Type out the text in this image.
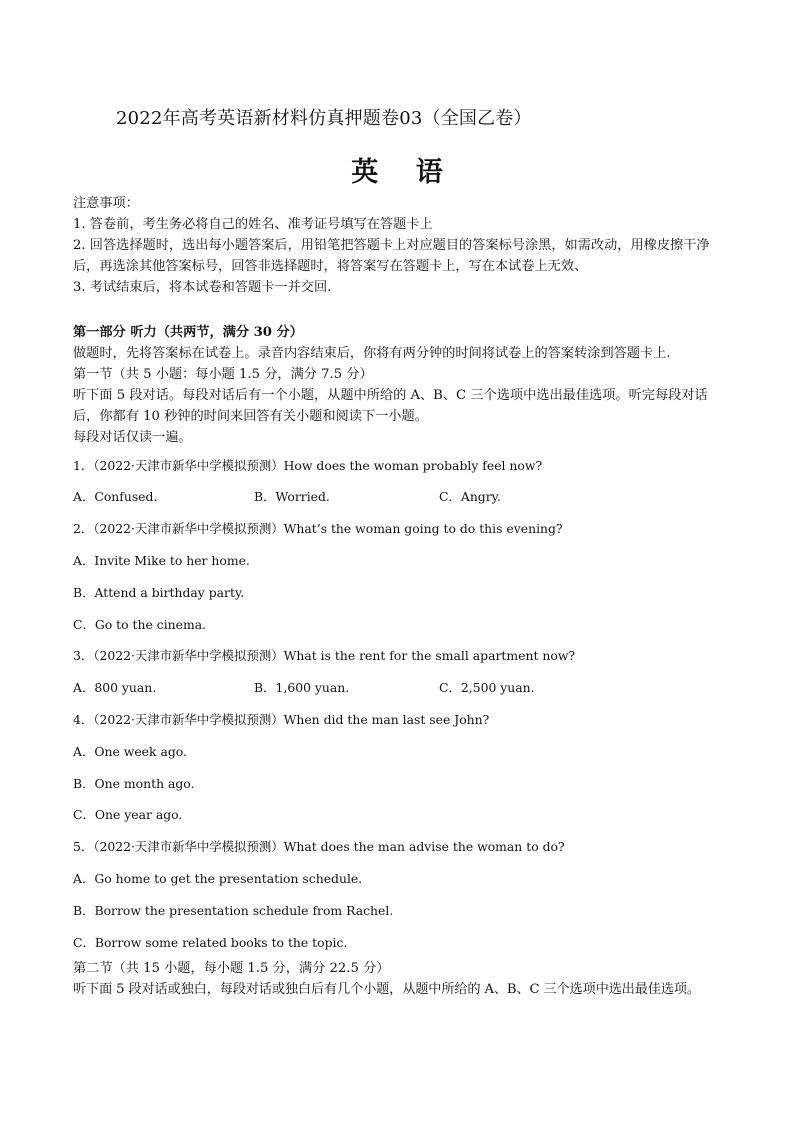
2022年高考英语新材料仿真押题卷03（全国乙卷）
英 语
注意事项：
1. 答卷前，考生务必将自己的姓名、准考证号填写在答题卡上
2. 回答选择题时，选出每小题答案后，用铅笔把答题卡上对应题目的答案标号涂黑，如需改动，用橡皮擦干净后，再选涂其他答案标号，回答非选择题时，将答案写在答题卡上，写在本试卷上无效、
3. 考试结束后，将本试卷和答题卡一并交回.
第一部分 听力（共两节，满分 30 分）
做题时，先将答案标在试卷上。录音内容结束后，你将有两分钟的时间将试卷上的答案转涂到答题卡上.
第一节（共 5 小题：每小题 1.5 分，满分 7.5 分）
听下面 5 段对话。每段对话后有一个小题，从题中所给的 A、B、C 三个选项中选出最佳选项。听完每段对话后，你都有 10 秒钟的时间来回答有关小题和阅读下一小题。
每段对话仅读一遍。
1．（2022·天津市新华中学模拟预测）How does the woman probably feel now?
A．Confused.	B．Worried.	C．Angry.
2．（2022·天津市新华中学模拟预测）What’s the woman going to do this evening?
A．Invite Mike to her home.
B．Attend a birthday party.
C．Go to the cinema.
3．（2022·天津市新华中学模拟预测）What is the rent for the small apartment now?
A．800 yuan.	B．1,600 yuan.	C．2,500 yuan.
4．（2022·天津市新华中学模拟预测）When did the man last see John?
A．One week ago.
B．One month ago.
C．One year ago.
5．（2022·天津市新华中学模拟预测）What does the man advise the woman to do?
A．Go home to get the presentation schedule.
B．Borrow the presentation schedule from Rachel.
C．Borrow some related books to the topic.
第二节（共 15 小题，每小题 1.5 分，满分 22.5 分）
听下面 5 段对话或独白，每段对话或独白后有几个小题，从题中所给的 A、B、C 三个选项中选出最佳选项。
